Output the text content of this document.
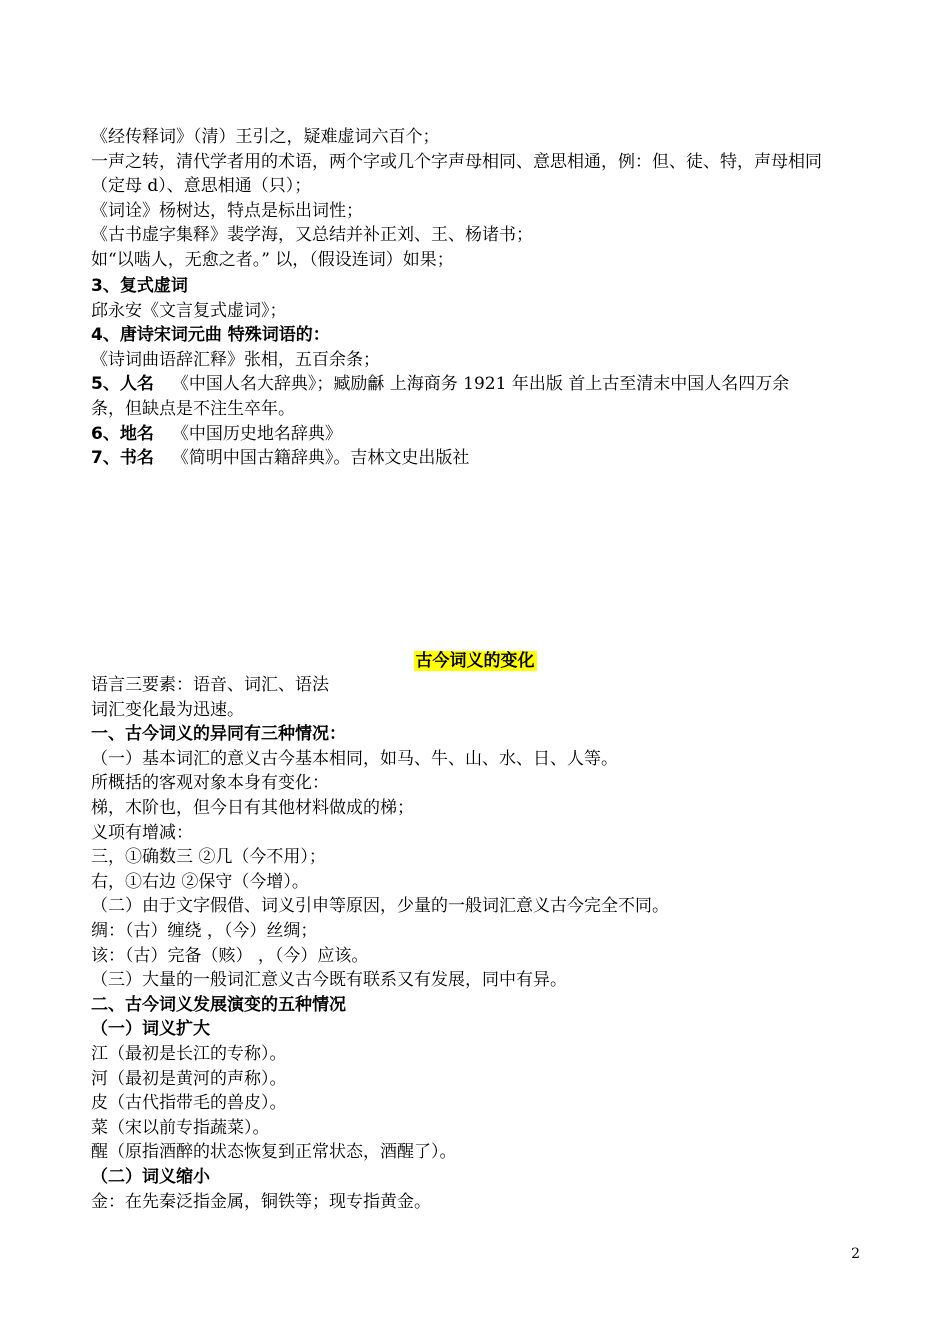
《经传释词》（清）王引之，疑难虚词六百个；
一声之转，清代学者用的术语，两个字或几个字声母相同、意思相通，例：但、徒、特，声母相同
（定母 d）、意思相通（只）；
《词诠》杨树达，特点是标出词性；
《古书虚字集释》裴学海，又总结并补正刘、王、杨诸书；
如“以啮人，无愈之者。” 以，（假设连词）如果；
3、复式虚词
邱永安《文言复式虚词》；
4、唐诗宋词元曲 特殊词语的：
《诗词曲语辞汇释》张相，五百余条；
5、人名 《中国人名大辞典》；臧励龢 上海商务 1921 年出版 首上古至清末中国人名四万余
条，但缺点是不注生卒年。
6、地名 《中国历史地名辞典》
7、书名 《简明中国古籍辞典》。吉林文史出版社
古今词义的变化
语言三要素：语音、词汇、语法
词汇变化最为迅速。
一、古今词义的异同有三种情况：
（一）基本词汇的意义古今基本相同，如马、牛、山、水、日、人等。
所概括的客观对象本身有变化：
梯，木阶也，但今日有其他材料做成的梯；
义项有增减：
三，①确数三 ②几（今不用）；
右，①右边 ②保守（今增）。
（二）由于文字假借、词义引申等原因，少量的一般词汇意义古今完全不同。
绸：（古）缠绕 ，（今）丝绸；
该：（古）完备（赅） ，（今）应该。
（三）大量的一般词汇意义古今既有联系又有发展，同中有异。
二、古今词义发展演变的五种情况
（一）词义扩大
江（最初是长江的专称）。
河（最初是黄河的声称）。
皮（古代指带毛的兽皮）。
菜（宋以前专指蔬菜）。
醒（原指酒醉的状态恢复到正常状态，酒醒了）。
（二）词义缩小
金：在先秦泛指金属，铜铁等；现专指黄金。
2
